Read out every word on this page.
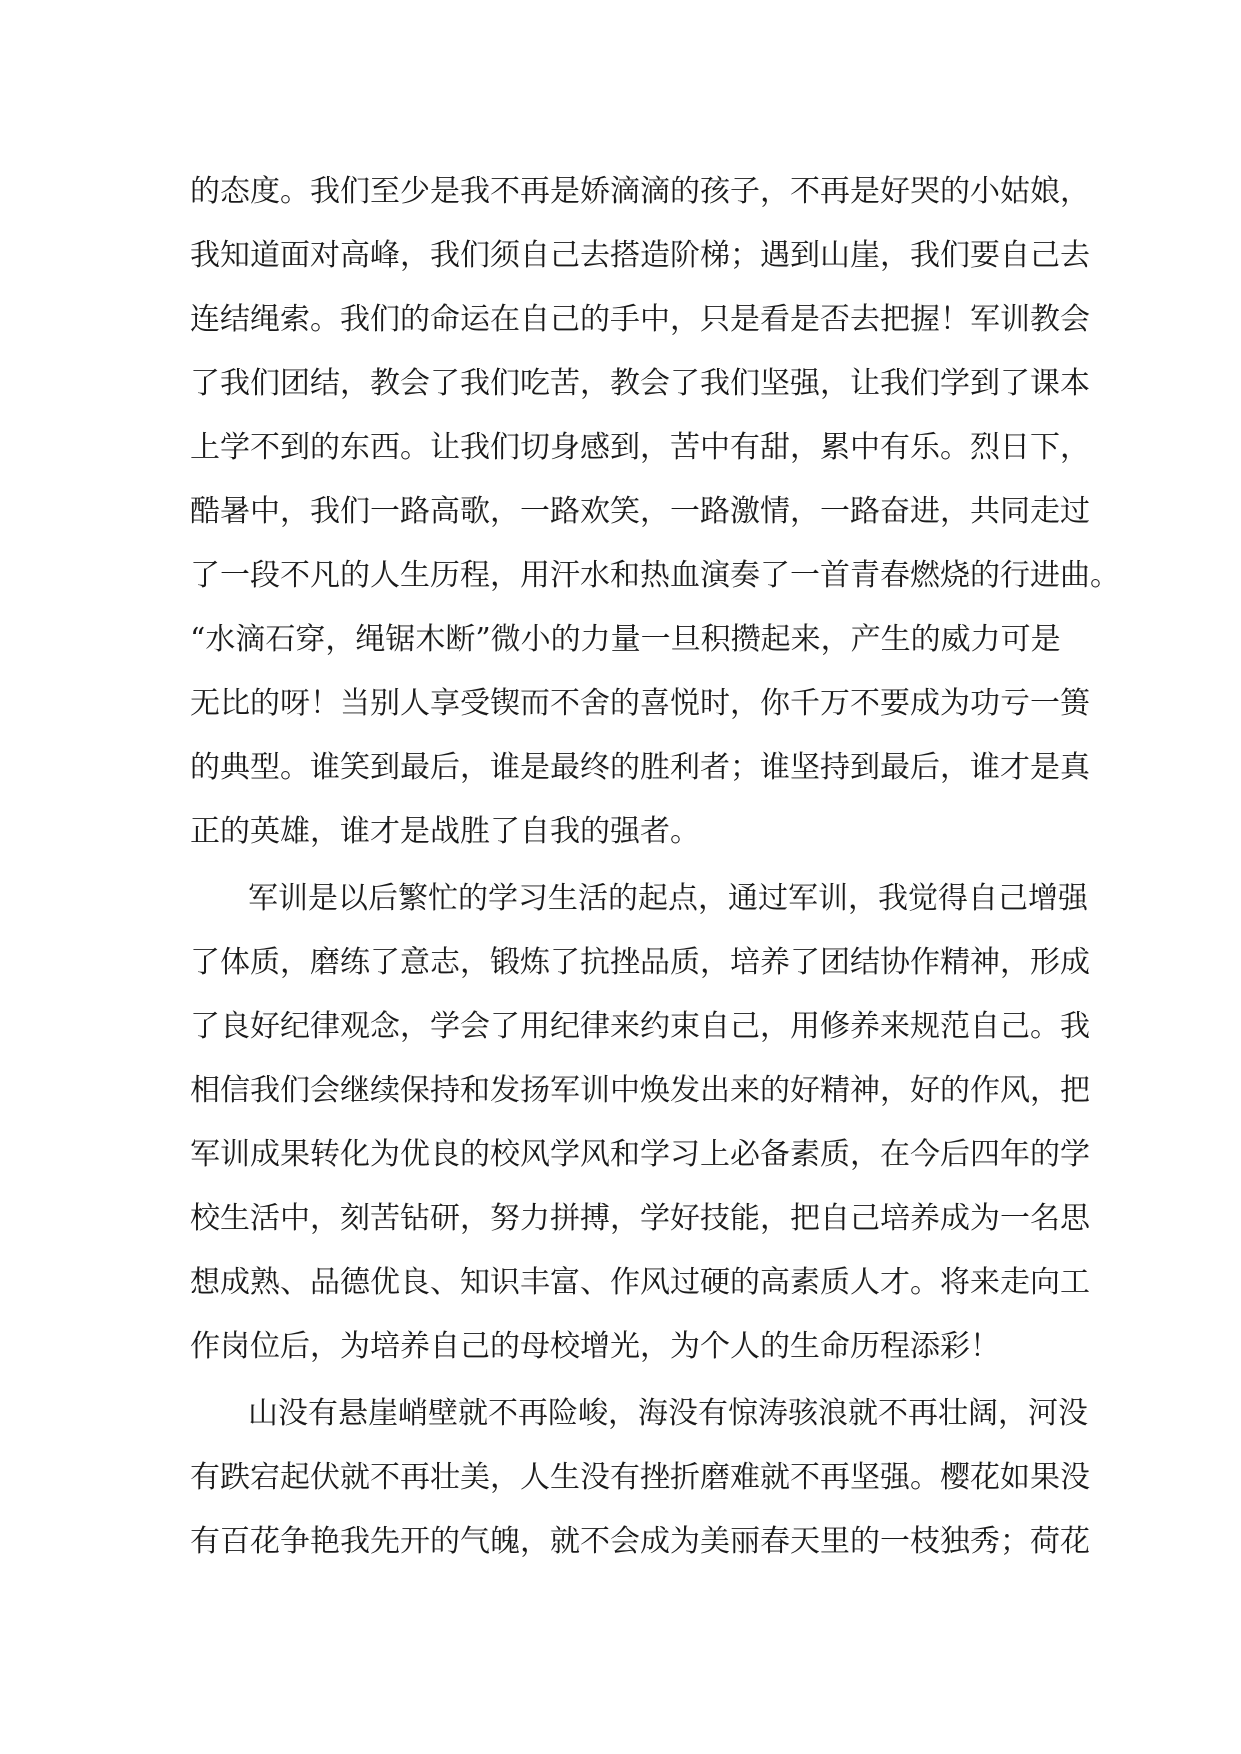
的态度。我们至少是我不再是娇滴滴的孩子，不再是好哭的小姑娘，
我知道面对高峰，我们须自己去搭造阶梯；遇到山崖，我们要自己去
连结绳索。我们的命运在自己的手中，只是看是否去把握！军训教会
了我们团结，教会了我们吃苦，教会了我们坚强，让我们学到了课本
上学不到的东西。让我们切身感到，苦中有甜，累中有乐。烈日下，
酷暑中，我们一路高歌，一路欢笑，一路激情，一路奋进，共同走过
了一段不凡的人生历程，用汗水和热血演奏了一首青春燃烧的行进曲。
“水滴石穿，绳锯木断”微小的力量一旦积攒起来，产生的威力可是
无比的呀！当别人享受锲而不舍的喜悦时，你千万不要成为功亏一篑
的典型。谁笑到最后，谁是最终的胜利者；谁坚持到最后，谁才是真
正的英雄，谁才是战胜了自我的强者。
军训是以后繁忙的学习生活的起点，通过军训，我觉得自己增强
了体质，磨练了意志，锻炼了抗挫品质，培养了团结协作精神，形成
了良好纪律观念，学会了用纪律来约束自己，用修养来规范自己。我
相信我们会继续保持和发扬军训中焕发出来的好精神，好的作风，把
军训成果转化为优良的校风学风和学习上必备素质，在今后四年的学
校生活中，刻苦钻研，努力拼搏，学好技能，把自己培养成为一名思
想成熟、品德优良、知识丰富、作风过硬的高素质人才。将来走向工
作岗位后，为培养自己的母校增光，为个人的生命历程添彩！
山没有悬崖峭壁就不再险峻，海没有惊涛骇浪就不再壮阔，河没
有跌宕起伏就不再壮美，人生没有挫折磨难就不再坚强。樱花如果没
有百花争艳我先开的气魄，就不会成为美丽春天里的一枝独秀；荷花
